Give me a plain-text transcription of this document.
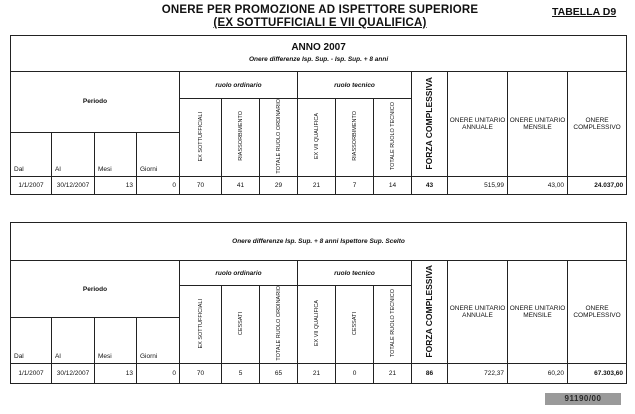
ONERE PER PROMOZIONE AD ISPETTORE SUPERIORE
(EX SOTTUFFICIALI E VII QUALIFICA)
TABELLA D9
ANNO 2007
Onere differenze Isp. Sup. - Isp. Sup. + 8 anni													
Periodo				ruolo ordinario			ruolo tecnico			FORZA COMPLESSIVA	ONERE UNITARIO ANNUALE	ONERE UNITARIO MENSILE	ONERE COMPLESSIVO
				EX SOTTUFFICIALI	RIASSORBIMENTO	TOTALE RUOLO ORDINARIO	EX VII QUALIFICA	RIASSORBIMENTO	TOTALE RUOLO TECNICO				
Dal	Al	Mesi	Giorni										
1/1/2007	30/12/2007	13	0	70	41	29	21	7	14	43	515,99	43,00	24.037,00
Onere differenze Isp. Sup. + 8 anni Ispettore Sup. Scelto													
Periodo				ruolo ordinario			ruolo tecnico			FORZA COMPLESSIVA	ONERE UNITARIO ANNUALE	ONERE UNITARIO MENSILE	ONERE COMPLESSIVO
				EX SOTTUFFICIALI	CESSATI	TOTALE RUOLO ORDINARIO	EX VII QUALIFICA	CESSATI	TOTALE RUOLO TECNICO				
Dal	Al	Mesi	Giorni										
1/1/2007	30/12/2007	13	0	70	5	65	21	0	21	86	722,37	60,20	67.303,60
91190/00
